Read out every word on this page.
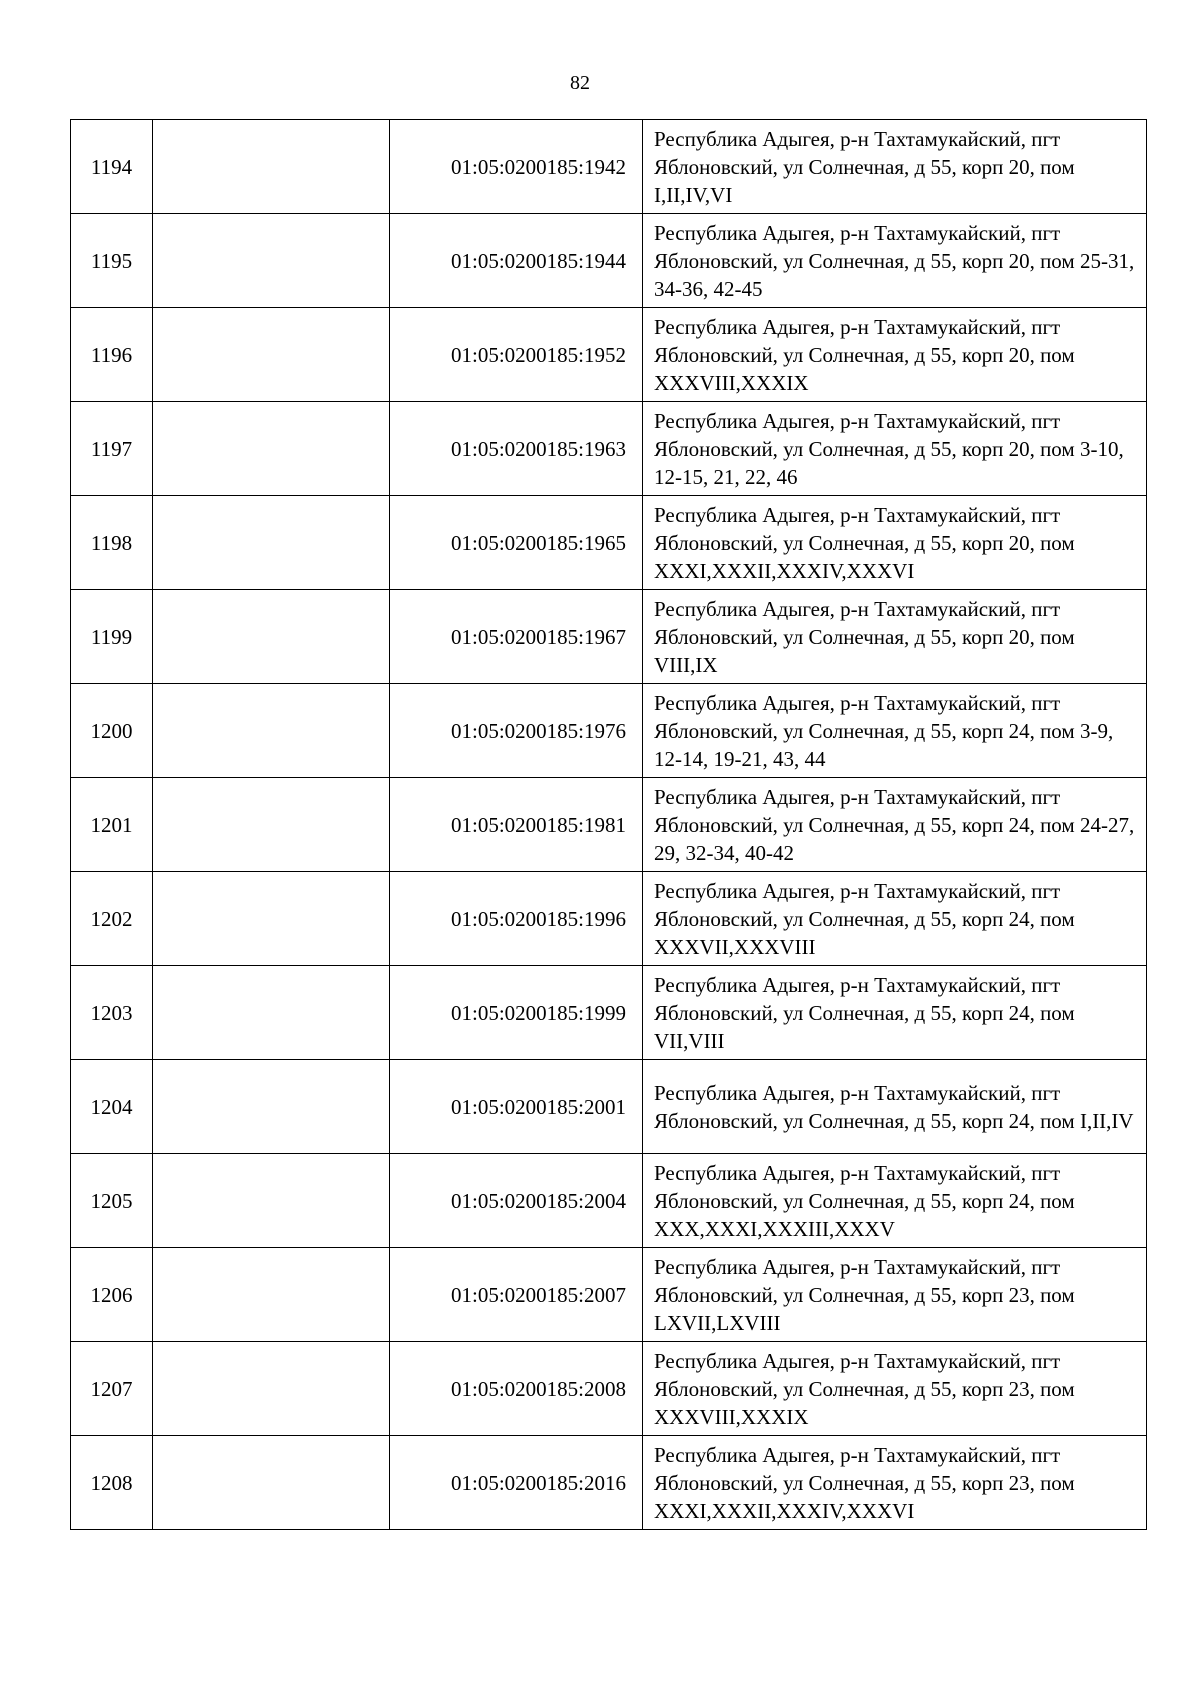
82
1194		01:05:0200185:1942	Республика Адыгея, р-н Тахтамукайский, пгт Яблоновский, ул Солнечная, д 55, корп 20, пом I,II,IV,VI
1195		01:05:0200185:1944	Республика Адыгея, р-н Тахтамукайский, пгт Яблоновский, ул Солнечная, д 55, корп 20, пом 25-31, 34-36, 42-45
1196		01:05:0200185:1952	Республика Адыгея, р-н Тахтамукайский, пгт Яблоновский, ул Солнечная, д 55, корп 20, пом XXXVIII,XXXIX
1197		01:05:0200185:1963	Республика Адыгея, р-н Тахтамукайский, пгт Яблоновский, ул Солнечная, д 55, корп 20, пом 3-10, 12-15, 21, 22, 46
1198		01:05:0200185:1965	Республика Адыгея, р-н Тахтамукайский, пгт Яблоновский, ул Солнечная, д 55, корп 20, пом XXXI,XXXII,XXXIV,XXXVI
1199		01:05:0200185:1967	Республика Адыгея, р-н Тахтамукайский, пгт Яблоновский, ул Солнечная, д 55, корп 20, пом VIII,IX
1200		01:05:0200185:1976	Республика Адыгея, р-н Тахтамукайский, пгт Яблоновский, ул Солнечная, д 55, корп 24, пом 3-9, 12-14, 19-21, 43, 44
1201		01:05:0200185:1981	Республика Адыгея, р-н Тахтамукайский, пгт Яблоновский, ул Солнечная, д 55, корп 24, пом 24-27, 29, 32-34, 40-42
1202		01:05:0200185:1996	Республика Адыгея, р-н Тахтамукайский, пгт Яблоновский, ул Солнечная, д 55, корп 24, пом XXXVII,XXXVIII
1203		01:05:0200185:1999	Республика Адыгея, р-н Тахтамукайский, пгт Яблоновский, ул Солнечная, д 55, корп 24, пом VII,VIII
1204		01:05:0200185:2001	Республика Адыгея, р-н Тахтамукайский, пгт Яблоновский, ул Солнечная, д 55, корп 24, пом I,II,IV
1205		01:05:0200185:2004	Республика Адыгея, р-н Тахтамукайский, пгт Яблоновский, ул Солнечная, д 55, корп 24, пом XXX,XXXI,XXXIII,XXXV
1206		01:05:0200185:2007	Республика Адыгея, р-н Тахтамукайский, пгт Яблоновский, ул Солнечная, д 55, корп 23, пом LXVII,LXVIII
1207		01:05:0200185:2008	Республика Адыгея, р-н Тахтамукайский, пгт Яблоновский, ул Солнечная, д 55, корп 23, пом XXXVIII,XXXIX
1208		01:05:0200185:2016	Республика Адыгея, р-н Тахтамукайский, пгт Яблоновский, ул Солнечная, д 55, корп 23, пом XXXI,XXXII,XXXIV,XXXVI
